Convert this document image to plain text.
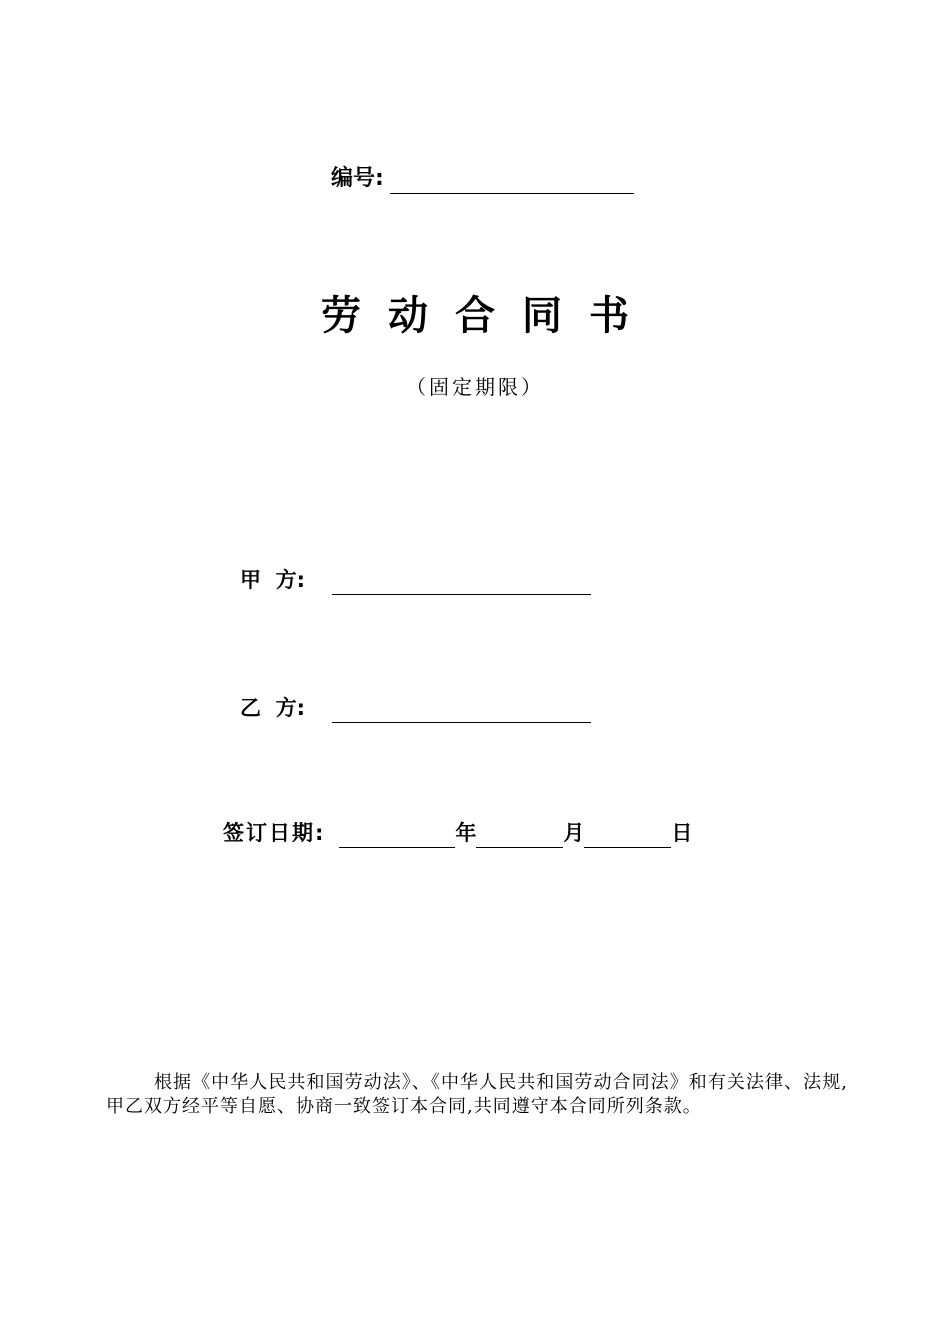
编号:
劳动合同书
（固定期限）
甲  方:
乙  方:
签订日期:	年	月	日
根据《中华人民共和国劳动法》、《中华人民共和国劳动合同法》和有关法律、法规,甲乙双方经平等自愿、协商一致签订本合同,共同遵守本合同所列条款。
